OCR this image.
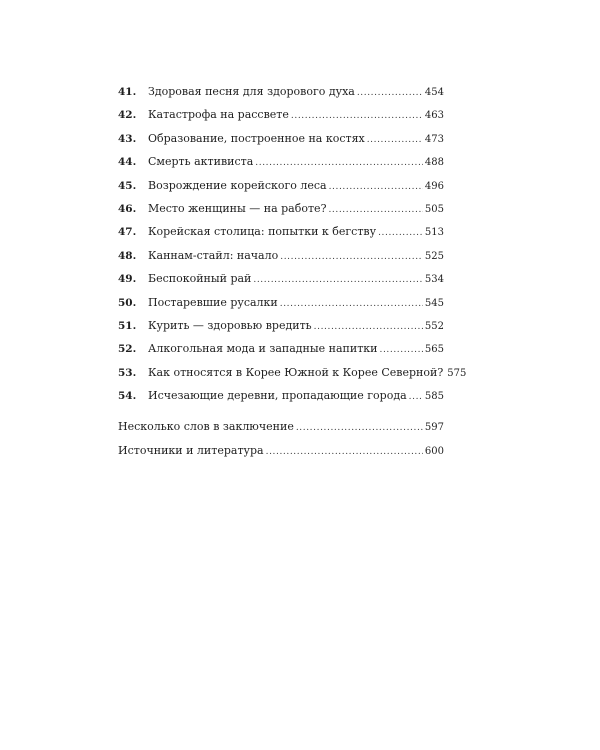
41.	Здоровая песня для здорового духа .....	454
42.	Катастрофа на рассвете .....	463
43.	Образование, построенное на костях .....	473
44.	Смерть активиста .....	488
45.	Возрождение корейского леса .....	496
46.	Место женщины — на работе? .....	505
47.	Корейская столица: попытки к бегству .....	513
48.	Каннам-стайл: начало .....	525
49.	Беспокойный рай .....	534
50.	Постаревшие русалки .....	545
51.	Курить — здоровью вредить .....	552
52.	Алкогольная мода и западные напитки .....	565
53.	Как относятся в Корее Южной к Корее Северной? 575
54.	Исчезающие деревни, пропадающие города ..... 585
Несколько слов в заключение .....	597
Источники и литература .....	600
